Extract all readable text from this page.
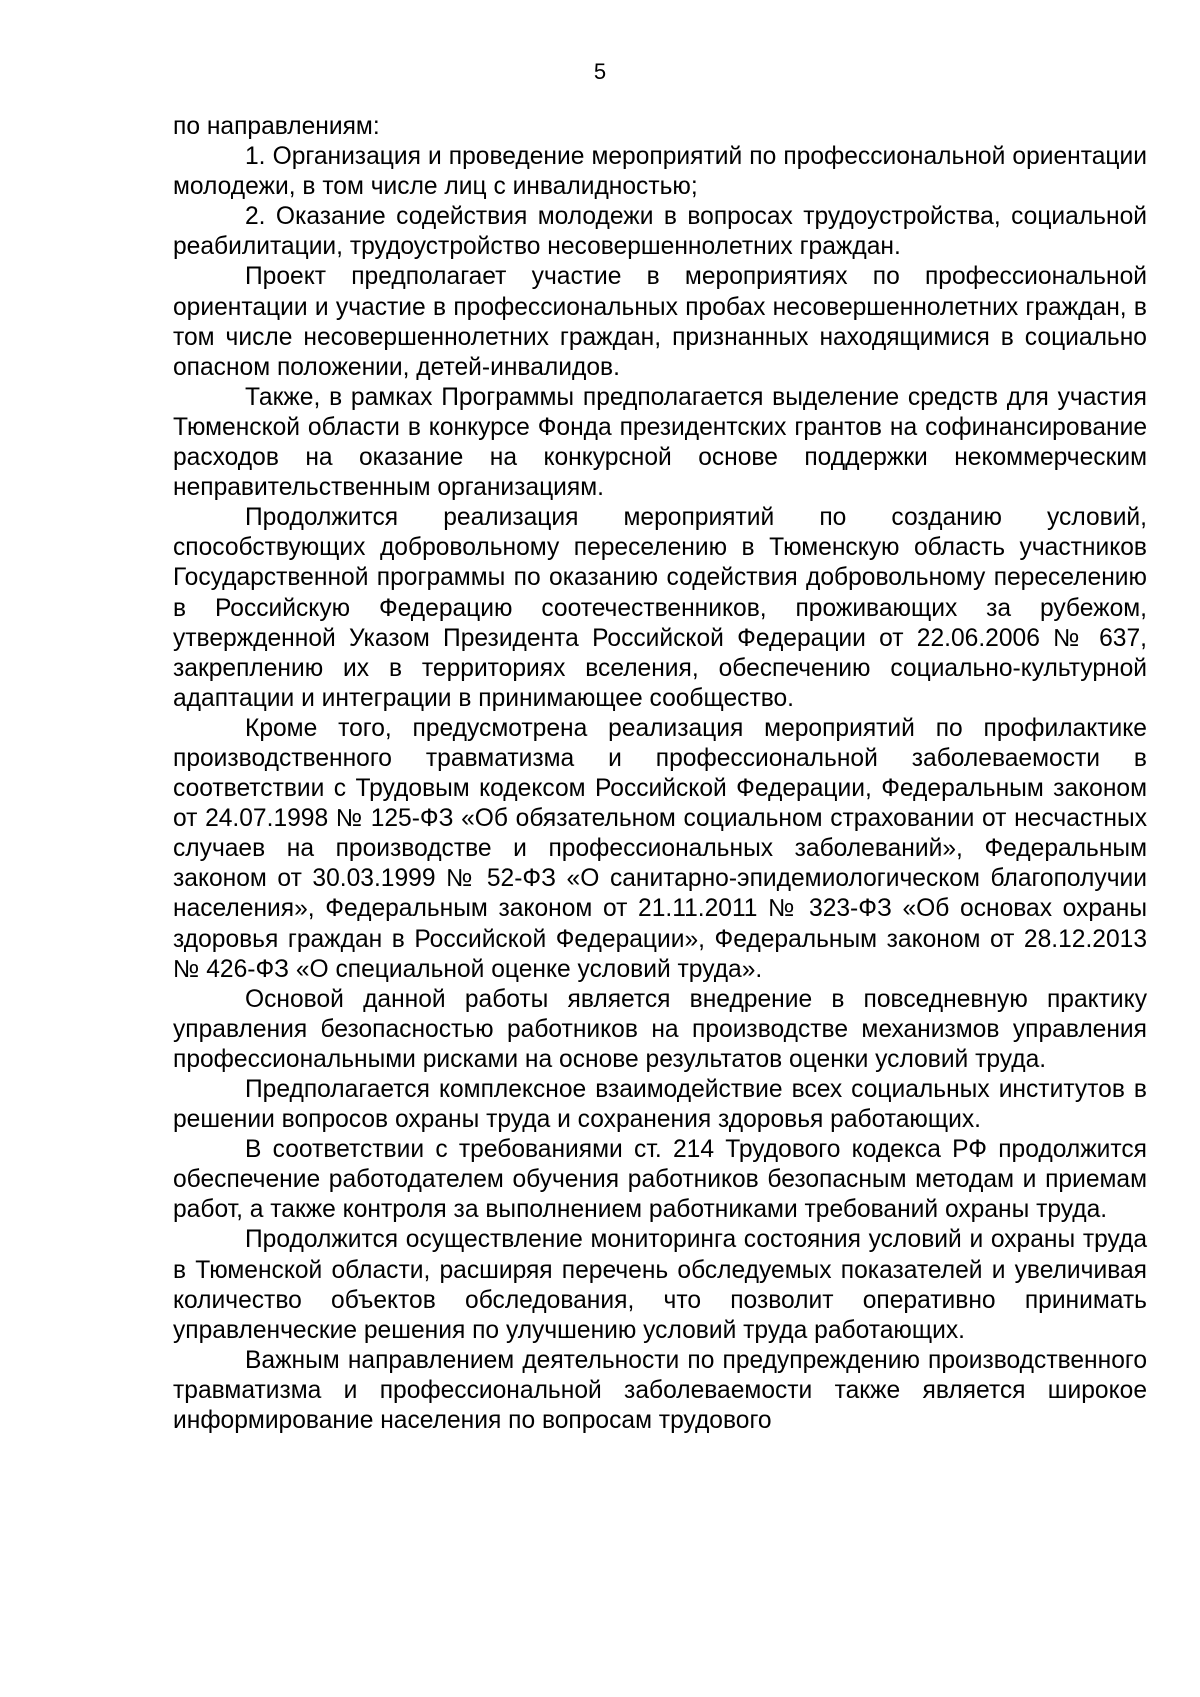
5

по направлениям:

1. Организация и проведение мероприятий по профессиональной ориентации молодежи, в том числе лиц с инвалидностью;

2. Оказание содействия молодежи в вопросах трудоустройства, социальной реабилитации, трудоустройство несовершеннолетних граждан.

Проект предполагает участие в мероприятиях по профессиональной ориентации и участие в профессиональных пробах несовершеннолетних граждан, в том числе несовершеннолетних граждан, признанных находящимися в социально опасном положении, детей-инвалидов.

Также, в рамках Программы предполагается выделение средств для участия Тюменской области в конкурсе Фонда президентских грантов на софинансирование расходов на оказание на конкурсной основе поддержки некоммерческим неправительственным организациям.

Продолжится реализация мероприятий по созданию условий, способствующих добровольному переселению в Тюменскую область участников Государственной программы по оказанию содействия добровольному переселению в Российскую Федерацию соотечественников, проживающих за рубежом, утвержденной Указом Президента Российской Федерации от 22.06.2006 № 637, закреплению их в территориях вселения, обеспечению социально-культурной адаптации и интеграции в принимающее сообщество.

Кроме того, предусмотрена реализация мероприятий по профилактике производственного травматизма и профессиональной заболеваемости в соответствии с Трудовым кодексом Российской Федерации, Федеральным законом от 24.07.1998 № 125-ФЗ «Об обязательном социальном страховании от несчастных случаев на производстве и профессиональных заболеваний», Федеральным законом от 30.03.1999 № 52-ФЗ «О санитарно-эпидемиологическом благополучии населения», Федеральным законом от 21.11.2011 № 323-ФЗ «Об основах охраны здоровья граждан в Российской Федерации», Федеральным законом от 28.12.2013 № 426-ФЗ «О специальной оценке условий труда».

Основой данной работы является внедрение в повседневную практику управления безопасностью работников на производстве механизмов управления профессиональными рисками на основе результатов оценки условий труда.

Предполагается комплексное взаимодействие всех социальных институтов в решении вопросов охраны труда и сохранения здоровья работающих.

В соответствии с требованиями ст. 214 Трудового кодекса РФ продолжится обеспечение работодателем обучения работников безопасным методам и приемам работ, а также контроля за выполнением работниками требований охраны труда.

Продолжится осуществление мониторинга состояния условий и охраны труда в Тюменской области, расширяя перечень обследуемых показателей и увеличивая количество объектов обследования, что позволит оперативно принимать управленческие решения по улучшению условий труда работающих.

Важным направлением деятельности по предупреждению производственного травматизма и профессиональной заболеваемости также является широкое информирование населения по вопросам трудового
